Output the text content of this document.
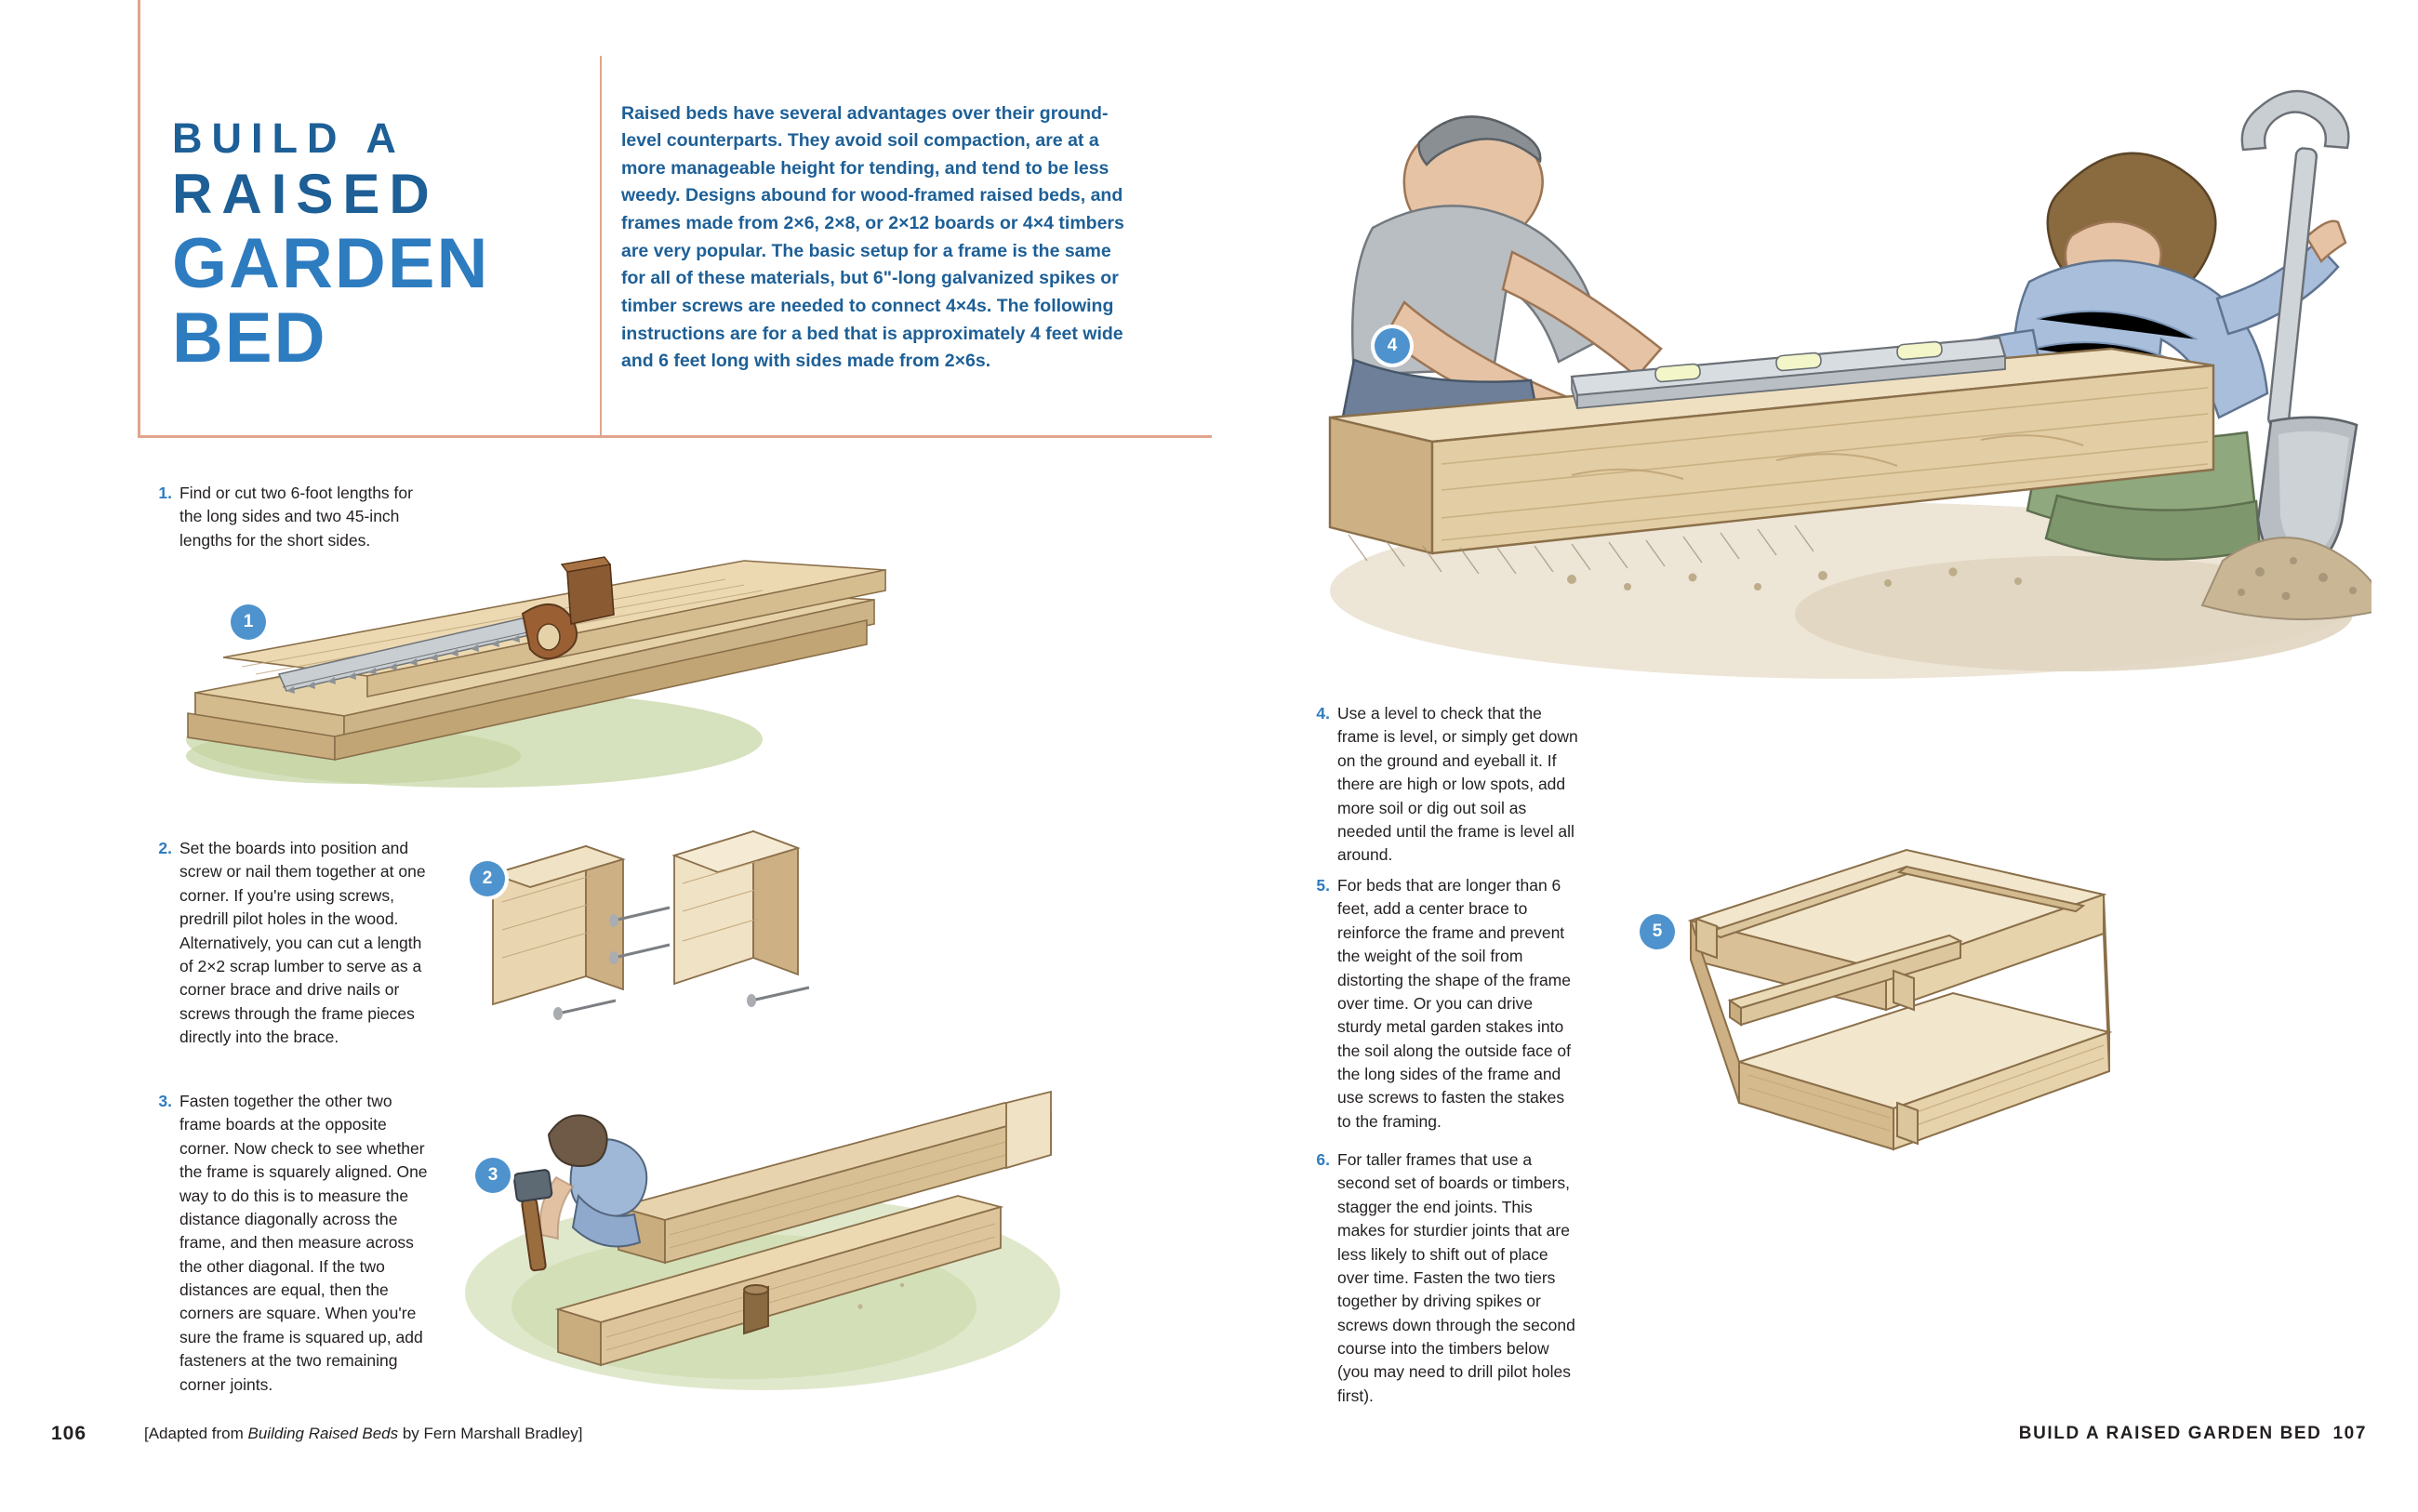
BUILD A
RAISED
GARDEN BED

Raised beds have several advantages over their ground-level counterparts. They avoid soil compaction, are at a more manageable height for tending, and tend to be less weedy. Designs abound for wood-framed raised beds, and frames made from 2×6, 2×8, or 2×12 boards or 4×4 timbers are very popular. The basic setup for a frame is the same for all of these materials, but 6"-long galvanized spikes or timber screws are needed to connect 4×4s. The following instructions are for a bed that is approximately 4 feet wide and 6 feet long with sides made from 2×6s.

1. Find or cut two 6-foot lengths for the long sides and two 45-inch lengths for the short sides.
2. Set the boards into position and screw or nail them together at one corner. If you're using screws, predrill pilot holes in the wood. Alternatively, you can cut a length of 2×2 scrap lumber to serve as a corner brace and drive nails or screws through the frame pieces directly into the brace.
3. Fasten together the other two frame boards at the opposite corner. Now check to see whether the frame is squarely aligned. One way to do this is to measure the distance diagonally across the frame, and then measure across the other diagonal. If the two distances are equal, then the corners are square. When you're sure the frame is squared up, add fasteners at the two remaining corner joints.
4. Use a level to check that the frame is level, or simply get down on the ground and eyeball it. If there are high or low spots, add more soil or dig out soil as needed until the frame is level all around.
5. For beds that are longer than 6 feet, add a center brace to reinforce the frame and prevent the weight of the soil from distorting the shape of the frame over time. Or you can drive sturdy metal garden stakes into the soil along the outside face of the long sides of the frame and use screws to fasten the stakes to the framing.
6. For taller frames that use a second set of boards or timbers, stagger the end joints. This makes for sturdier joints that are less likely to shift out of place over time. Fasten the two tiers together by driving spikes or screws down through the second course into the timbers below (you may need to drill pilot holes first).
1
2
3
4
5
106	[Adapted from Building Raised Beds by Fern Marshall Bradley]	BUILD A RAISED GARDEN BED 107
